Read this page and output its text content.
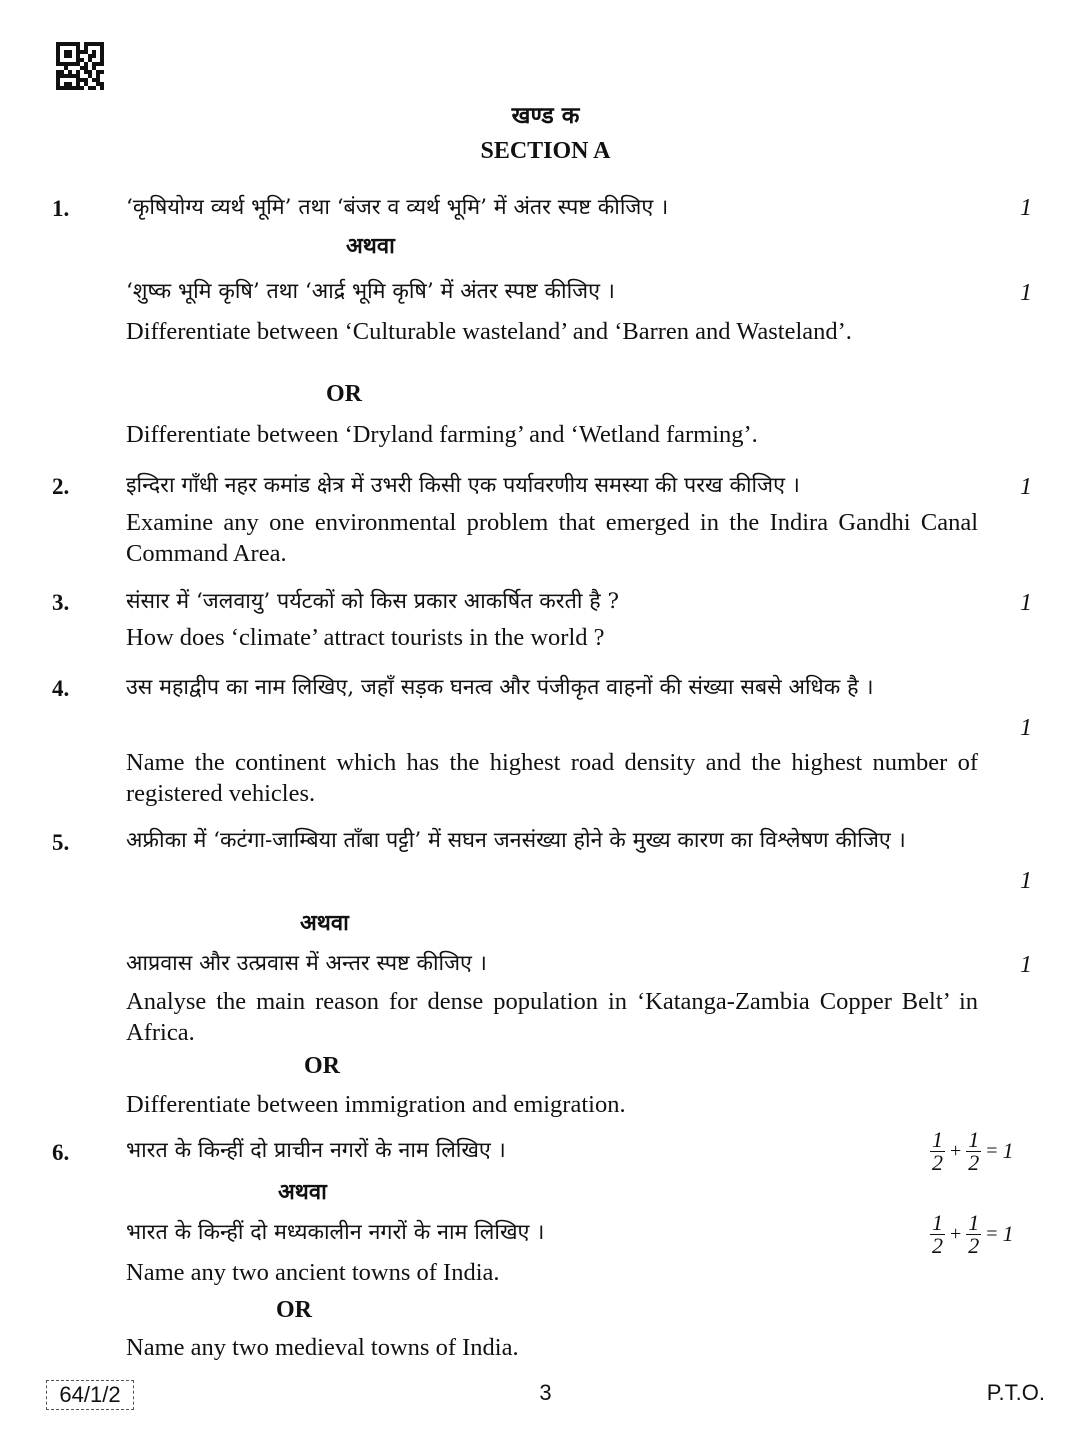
खण्ड क
SECTION A
1.	‘कृषियोग्य व्यर्थ भूमि’ तथा ‘बंजर व व्यर्थ भूमि’ में अंतर स्पष्ट कीजिए ।	1
अथवा
‘शुष्क भूमि कृषि’ तथा ‘आर्द्र भूमि कृषि’ में अंतर स्पष्ट कीजिए ।	1
Differentiate between ‘Culturable wasteland’ and ‘Barren and Wasteland’.
OR
Differentiate between ‘Dryland farming’ and ‘Wetland farming’.
2.	इन्दिरा गाँधी नहर कमांड क्षेत्र में उभरी किसी एक पर्यावरणीय समस्या की परख कीजिए ।	1
Examine any one environmental problem that emerged in the Indira Gandhi Canal Command Area.
3.	संसार में ‘जलवायु’ पर्यटकों को किस प्रकार आकर्षित करती है ?	1
How does ‘climate’ attract tourists in the world ?
4.	उस महाद्वीप का नाम लिखिए, जहाँ सड़क घनत्व और पंजीकृत वाहनों की संख्या सबसे अधिक है ।
1
Name the continent which has the highest road density and the highest number of registered vehicles.
5.	अफ्रीका में ‘कटंगा-जाम्बिया ताँबा पट्टी’ में सघन जनसंख्या होने के मुख्य कारण का विश्लेषण कीजिए ।
1
अथवा
आप्रवास और उत्प्रवास में अन्तर स्पष्ट कीजिए ।	1
Analyse the main reason for dense population in ‘Katanga-Zambia Copper Belt’ in Africa.
OR
Differentiate between immigration and emigration.
6.	भारत के किन्हीं दो प्राचीन नगरों के नाम लिखिए ।	$\frac{1}{2} + \frac{1}{2} = 1$
अथवा
भारत के किन्हीं दो मध्यकालीन नगरों के नाम लिखिए ।	$\frac{1}{2} + \frac{1}{2} = 1$
Name any two ancient towns of India.
OR
Name any two medieval towns of India.
64/1/2	3	P.T.O.
